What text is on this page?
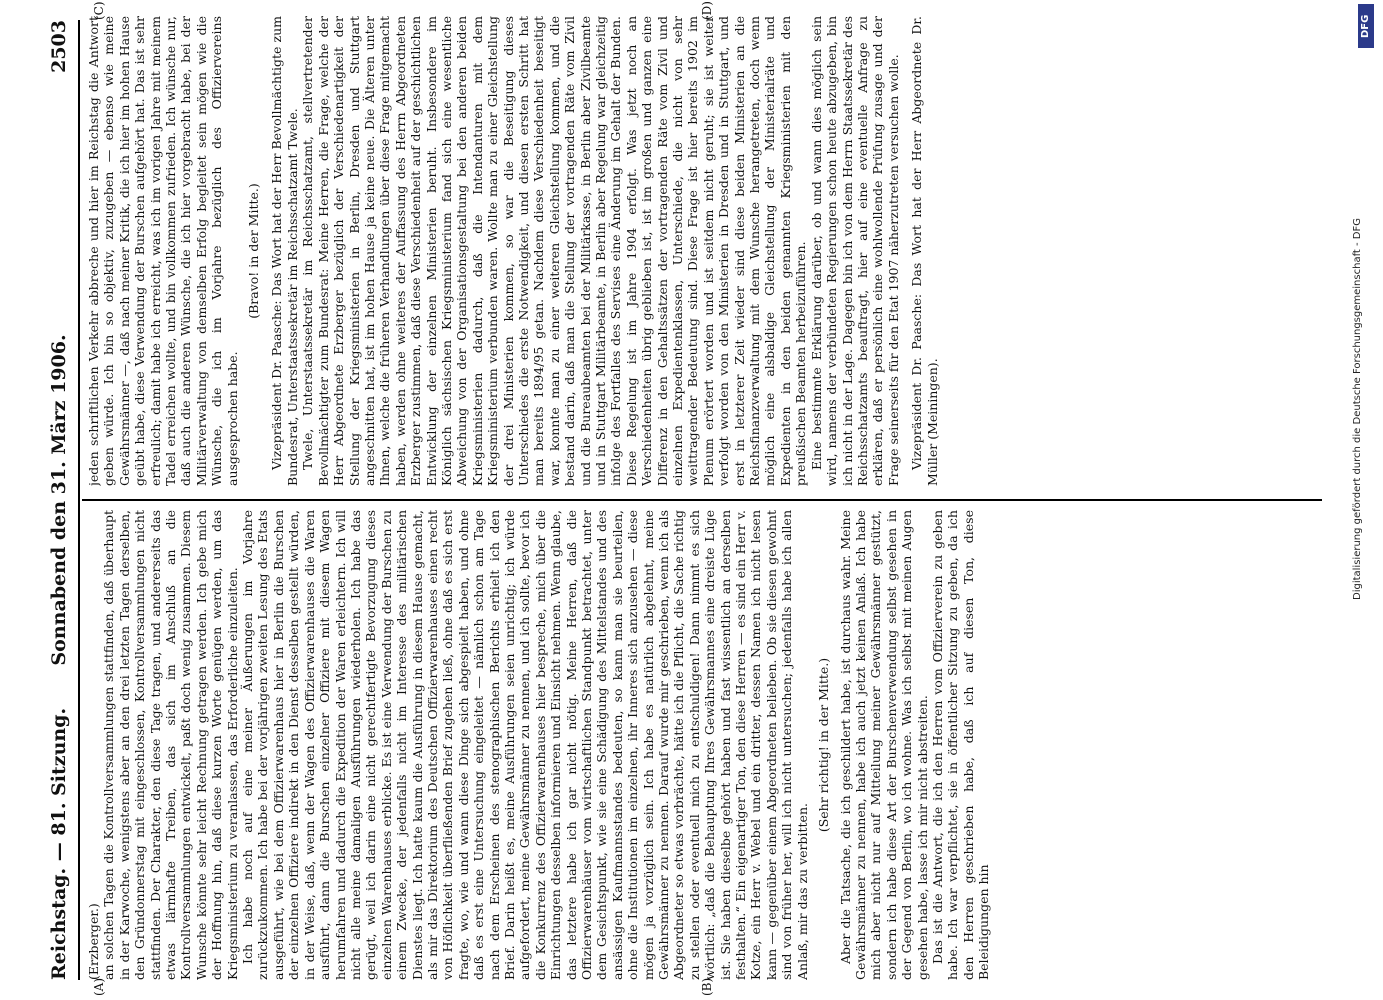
Reichstag. — 81. Sitzung.
Sonnabend den 31. März 1906.
2503
(A)	(B)
(C)	(D)

(Erzberger.) an solchen Tagen die Kontrollversammlungen stattfinden, daß überhaupt in der Karwoche, wenigstens aber an den drei letzten Tagen derselben, den Gründonnerstag mit eingeschlossen, Kontrollversammlungen nicht stattfinden. Der Charakter, den diese Tage tragen, und andererseits das etwas lärmhafte Treiben, das sich im Anschluß an die Kontrollversammlungen entwickelt, paßt doch wenig zusammen. Diesem Wunsche könnte sehr leicht Rechnung getragen werden. Ich gebe mich der Hoffnung hin, daß diese kurzen Worte genügen werden, um das Kriegsministerium zu veranlassen, das Erforderliche einzuleiten. Ich habe noch auf eine meiner Äußerungen im Vorjahre zurückzukommen. Ich habe bei der vorjährigen zweiten Lesung des Etats ausgeführt, wie bei dem Offizierwarenhaus hier in Berlin die Burschen der einzelnen Offiziere indirekt in den Dienst desselben gestellt würden, in der Weise, daß, wenn der Wagen des Offizierwarenhauses die Waren ausführt, dann die Burschen einzelner Offiziere mit diesem Wagen herumfahren und dadurch die Expedition der Waren erleichtern. Ich will nicht alle meine damaligen Ausführungen wiederholen. Ich habe das gerügt, weil ich darin eine nicht gerechtfertigte Bevorzugung dieses einzelnen Warenhauses erblicke. Es ist eine Verwendung der Burschen zu einem Zwecke, der jedenfalls nicht im Interesse des militärischen Dienstes liegt. Ich hatte kaum die Ausführung in diesem Hause gemacht, als mir das Direktorium des Deutschen Offizierwarenhauses einen recht von Höflichkeit überfließenden Brief zugehen ließ, ohne daß es sich erst fragte, wo, wie und wann diese Dinge sich abgespielt haben, und ohne daß es erst eine Untersuchung eingeleitet — nämlich schon am Tage nach dem Erscheinen des stenographischen Berichts erhielt ich den Brief. Darin heißt es, meine Ausführungen seien unrichtig; ich würde aufgefordert, meine Gewährsmänner zu nennen, und ich sollte, bevor ich die Konkurrenz des Offizierwarenhauses hier bespreche, mich über die Einrichtungen desselben informieren und Einsicht nehmen. Wenn glaube, das letztere habe ich gar nicht nötig. Meine Herren, daß die Offizierwarenhäuser vom wirtschaftlichen Standpunkt betrachtet, unter dem Gesichtspunkt, wie sie eine Schädigung des Mittelstandes und des ansässigen Kaufmannsstandes bedeuten, so kann man sie beurteilen, ohne die Institutionen im einzelnen, ihr Inneres sich anzusehen — diese mögen ja vorzüglich sein. Ich habe es natürlich abgelehnt, meine Gewährsmänner zu nennen. Darauf wurde mir geschrieben, wenn ich als Abgeordneter so etwas vorbrächte, hätte ich die Pflicht, die Sache richtig zu stellen oder eventuell mich zu entschuldigen! Dann nimmt es sich wörtlich: „daß die Behauptung Ihres Gewährsmannes eine dreiste Lüge ist. Sie haben dieselbe gehört haben und fast wissentlich an derselben festhalten.“ Ein eigenartiger Ton, den diese Herren — es sind ein Herr v. Kotze, ein Herr v. Webel und ein dritter, dessen Namen ich nicht lesen kann — gegenüber einem Abgeordneten belieben. Ob sie diesen gewohnt sind von früher her, will ich nicht untersuchen; jedenfalls habe ich allen Anlaß, mir das zu verbitten.

(Sehr richtig! in der Mitte.) Aber die Tatsache, die ich geschildert habe, ist durchaus wahr. Meine Gewährsmänner zu nennen, habe ich auch jetzt keinen Anlaß. Ich habe mich aber nicht nur auf Mitteilung meiner Gewährsmänner gestützt, sondern ich habe diese Art der Burschenverwendung selbst gesehen in der Gegend von Berlin, wo ich wohne. Was ich selbst mit meinen Augen gesehen habe, lasse ich mir nicht abstreiten. Das ist die Antwort, die ich den Herren vom Offizierverein zu geben habe. Ich war verpflichtet, sie in öffentlicher Sitzung zu geben, da ich den Herren geschrieben habe, daß ich auf diesen Ton, diese Beleidigungen hin

jeden schriftlichen Verkehr abbreche und hier im Reichstag die Antwort geben würde. Ich bin so objektiv, zuzugeben — ebenso wie meine Gewährsmänner —, daß nach meiner Kritik, die ich hier im hohen Hause geübt habe, diese Verwendung der Burschen aufgehört hat. Das ist sehr erfreulich; damit habe ich erreicht, was ich im vorigen Jahre mit meinem Tadel erreichen wollte, und bin vollkommen zufrieden. Ich wünsche nur, daß auch die anderen Wünsche, die ich hier vorgebracht habe, bei der Militärverwaltung von demselben Erfolg begleitet sein mögen wie die Wünsche, die ich im Vorjahre bezüglich des Offiziervereins ausgesprochen habe.

(Bravo! in der Mitte.) Vizepräsident Dr. Paasche: Das Wort hat der Herr Bevollmächtigte zum Bundesrat, Unterstaatssekretär im Reichsschatzamt Twele. Twele, Unterstaatssekretär im Reichsschatzamt, stellvertretender Bevollmächtigter zum Bundesrat: Meine Herren, die Frage, welche der Herr Abgeordnete Erzberger bezüglich der Verschiedenartigkeit der Stellung der Kriegsministerien in Berlin, Dresden und Stuttgart angeschnitten hat, ist im hohen Hause ja keine neue. Die Älteren unter Ihnen, welche die früheren Verhandlungen über diese Frage mitgemacht haben, werden ohne weiteres der Auffassung des Herrn Abgeordneten Erzberger zustimmen, daß diese Verschiedenheit auf der geschichtlichen Entwicklung der einzelnen Ministerien beruht. Insbesondere im Königlich sächsischen Kriegsministerium fand sich eine wesentliche Abweichung von der Organisationsgestaltung bei den anderen beiden Kriegsministerien dadurch, daß die Intendanturen mit dem Kriegsministerium verbunden waren. Wollte man zu einer Gleichstellung der drei Ministerien kommen, so war die Beseitigung dieses Unterschiedes die erste Notwendigkeit, und diesen ersten Schritt hat man bereits 1894/95 getan. Nachdem diese Verschiedenheit beseitigt war, konnte man zu einer weiteren Gleichstellung kommen, und die bestand darin, daß man die Stellung der vortragenden Räte vom Zivil und die Bureaubeamten bei der Militärkasse, in Berlin aber Zivilbeamte und in Stuttgart Militärbeamte, in Berlin aber Regelung war gleichzeitig infolge des Fortfalles des Servises eine Änderung im Gehalt der Bunden. Diese Regelung ist im Jahre 1904 erfolgt. Was jetzt noch an Verschiedenheiten übrig geblieben ist, ist im großen und ganzen eine Differenz in den Gehaltssätzen der vortragenden Räte vom Zivil und einzelnen Expedientenklassen, Unterschiede, die nicht von sehr weittragender Bedeutung sind. Diese Frage ist hier bereits 1902 im Plenum erörtert worden und ist seitdem nicht geruht; sie ist weiter verfolgt worden von den Ministerien in Dresden und in Stuttgart, und erst in letzterer Zeit wieder sind diese beiden Ministerien an die Reichsfinanzverwaltung mit dem Wunsche herangetreten, doch wenn möglich eine alsbaldige Gleichstellung der Ministerialräte und Expedienten in den beiden genannten Kriegsministerien mit den preußischen Beamten herbeizuführen. Eine bestimmte Erklärung darüber, ob und wann dies möglich sein wird, namens der verbündeten Regierungen schon heute abzugeben, bin ich nicht in der Lage. Dagegen bin ich von dem Herrn Staatssekretär des Reichsschatzamts beauftragt, hier auf eine eventuelle Anfrage zu erklären, daß er persönlich eine wohlwollende Prüfung zusage und der Frage seinerseits für den Etat 1907 näherzutreten versuchen wolle. Vizepräsident Dr. Paasche: Das Wort hat der Herr Abgeordnete Dr. Müller (Meiningen).	Digitalisierung gefördert durch die Deutsche Forschungsgemeinschaft - DFG
DFG
